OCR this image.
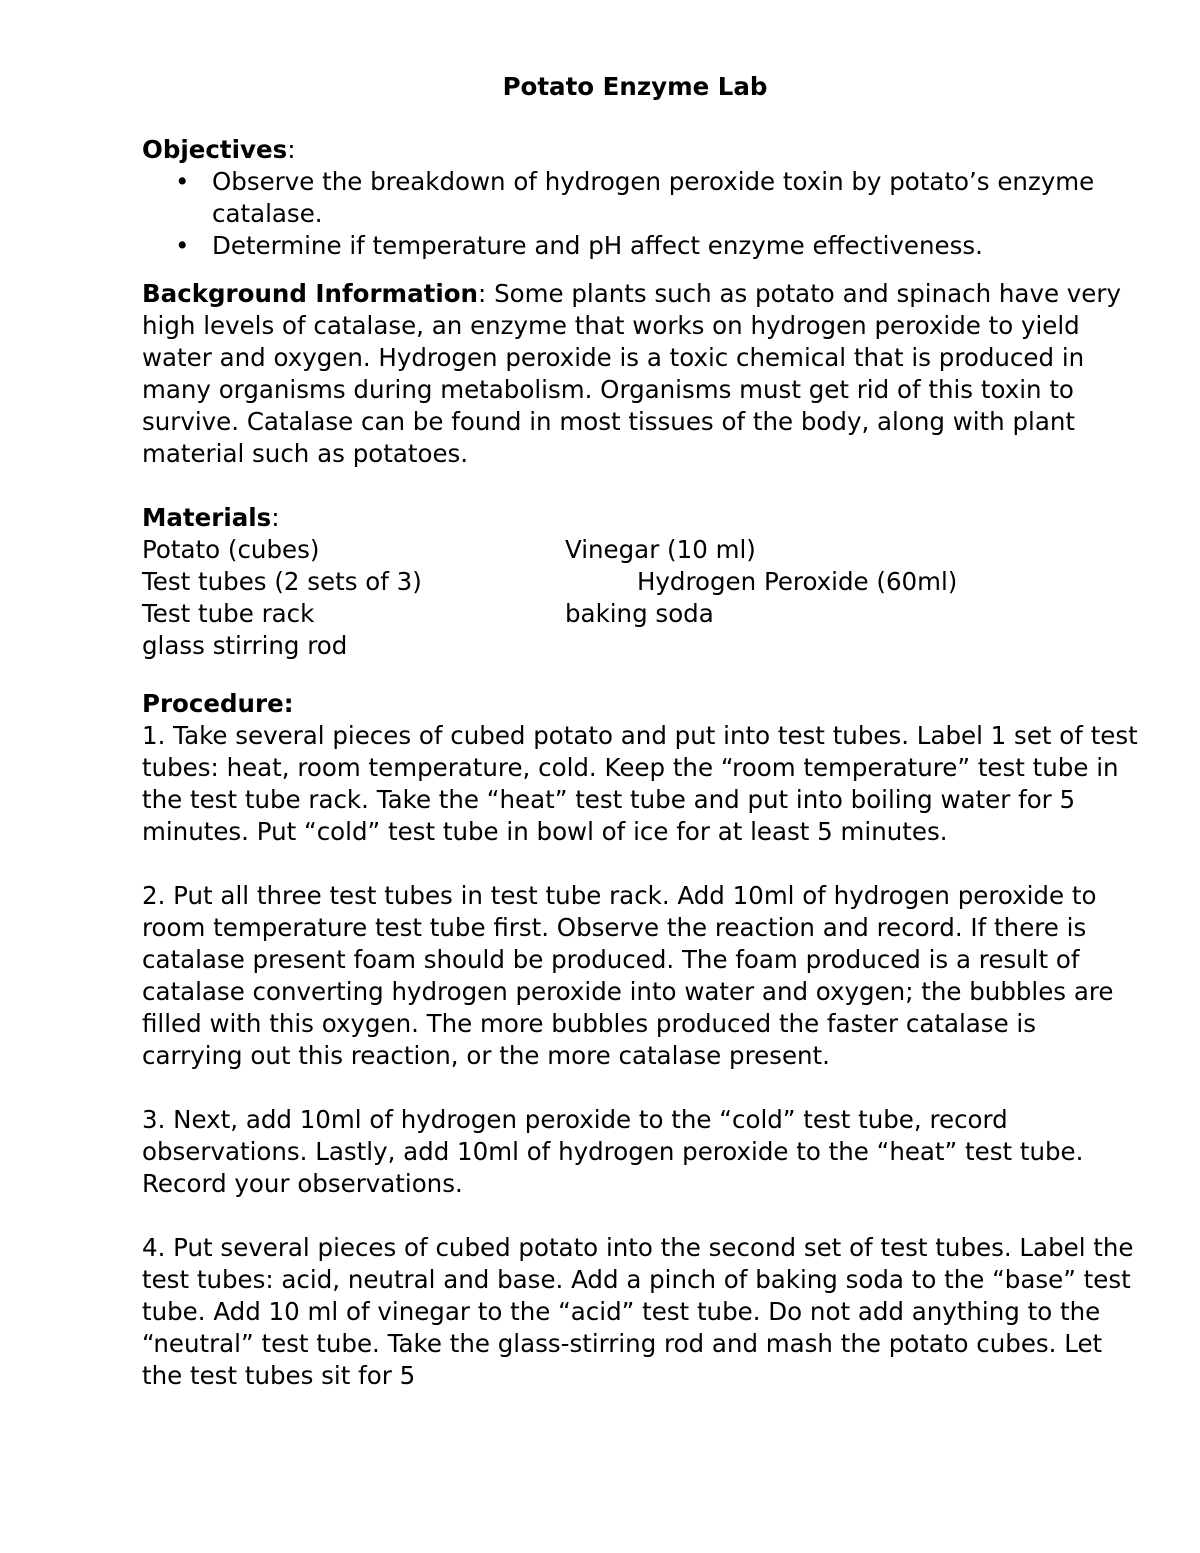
Potato Enzyme Lab
Objectives:
• Observe the breakdown of hydrogen peroxide toxin by potato’s enzyme catalase.
• Determine if temperature and pH affect enzyme effectiveness.

Background Information: Some plants such as potato and spinach have very high levels of catalase, an enzyme that works on hydrogen peroxide to yield water and oxygen. Hydrogen peroxide is a toxic chemical that is produced in many organisms during metabolism. Organisms must get rid of this toxin to survive. Catalase can be found in most tissues of the body, along with plant material such as potatoes.

Materials:
Potato (cubes)	Vinegar (10 ml)
Test tubes (2 sets of 3)	Hydrogen Peroxide (60ml)
Test tube rack	baking soda
glass stirring rod
Procedure:

1. Take several pieces of cubed potato and put into test tubes. Label 1 set of test tubes: heat, room temperature, cold. Keep the “room temperature” test tube in the test tube rack. Take the “heat” test tube and put into boiling water for 5 minutes. Put “cold” test tube in bowl of ice for at least 5 minutes.

2. Put all three test tubes in test tube rack. Add 10ml of hydrogen peroxide to room temperature test tube first. Observe the reaction and record. If there is catalase present foam should be produced. The foam produced is a result of catalase converting hydrogen peroxide into water and oxygen; the bubbles are filled with this oxygen. The more bubbles produced the faster catalase is carrying out this reaction, or the more catalase present.

3. Next, add 10ml of hydrogen peroxide to the “cold” test tube, record observations. Lastly, add 10ml of hydrogen peroxide to the “heat” test tube. Record your observations.

4. Put several pieces of cubed potato into the second set of test tubes. Label the test tubes: acid, neutral and base. Add a pinch of baking soda to the “base” test tube. Add 10 ml of vinegar to the “acid” test tube. Do not add anything to the “neutral” test tube. Take the glass-stirring rod and mash the potato cubes. Let the test tubes sit for 5
